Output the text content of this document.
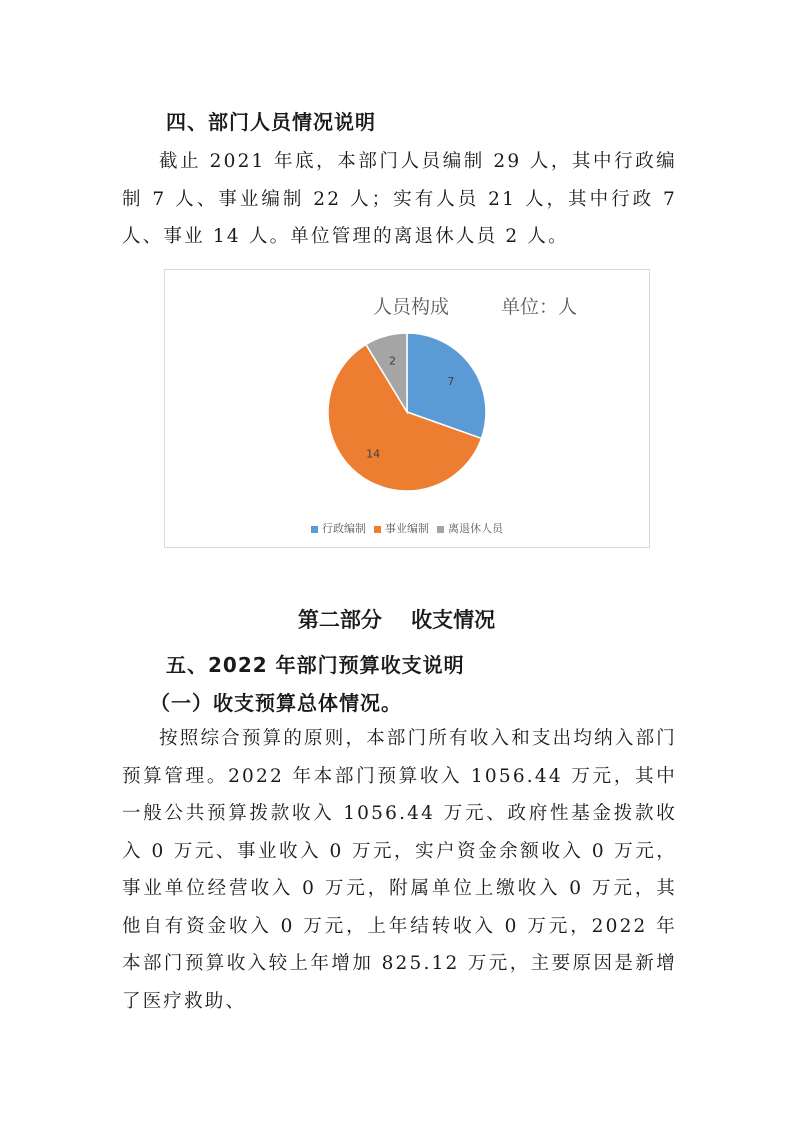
四、部门人员情况说明

截止 2021 年底，本部门人员编制 29 人，其中行政编制 7 人、事业编制 22 人；实有人员 21 人，其中行政 7 人、事业 14 人。单位管理的离退休人员 2 人。

人员构成	单位：人
7
14
2
行政编制 事业编制 离退休人员
第二部分    收支情况
五、2022 年部门预算收支说明
（一）收支预算总体情况。

按照综合预算的原则，本部门所有收入和支出均纳入部门预算管理。2022 年本部门预算收入 1056.44 万元，其中一般公共预算拨款收入 1056.44 万元、政府性基金拨款收入 0 万元、事业收入 0 万元，实户资金余额收入 0 万元，事业单位经营收入 0 万元，附属单位上缴收入 0 万元，其他自有资金收入 0 万元，上年结转收入 0 万元，2022 年本部门预算收入较上年增加 825.12 万元，主要原因是新增了医疗救助、
